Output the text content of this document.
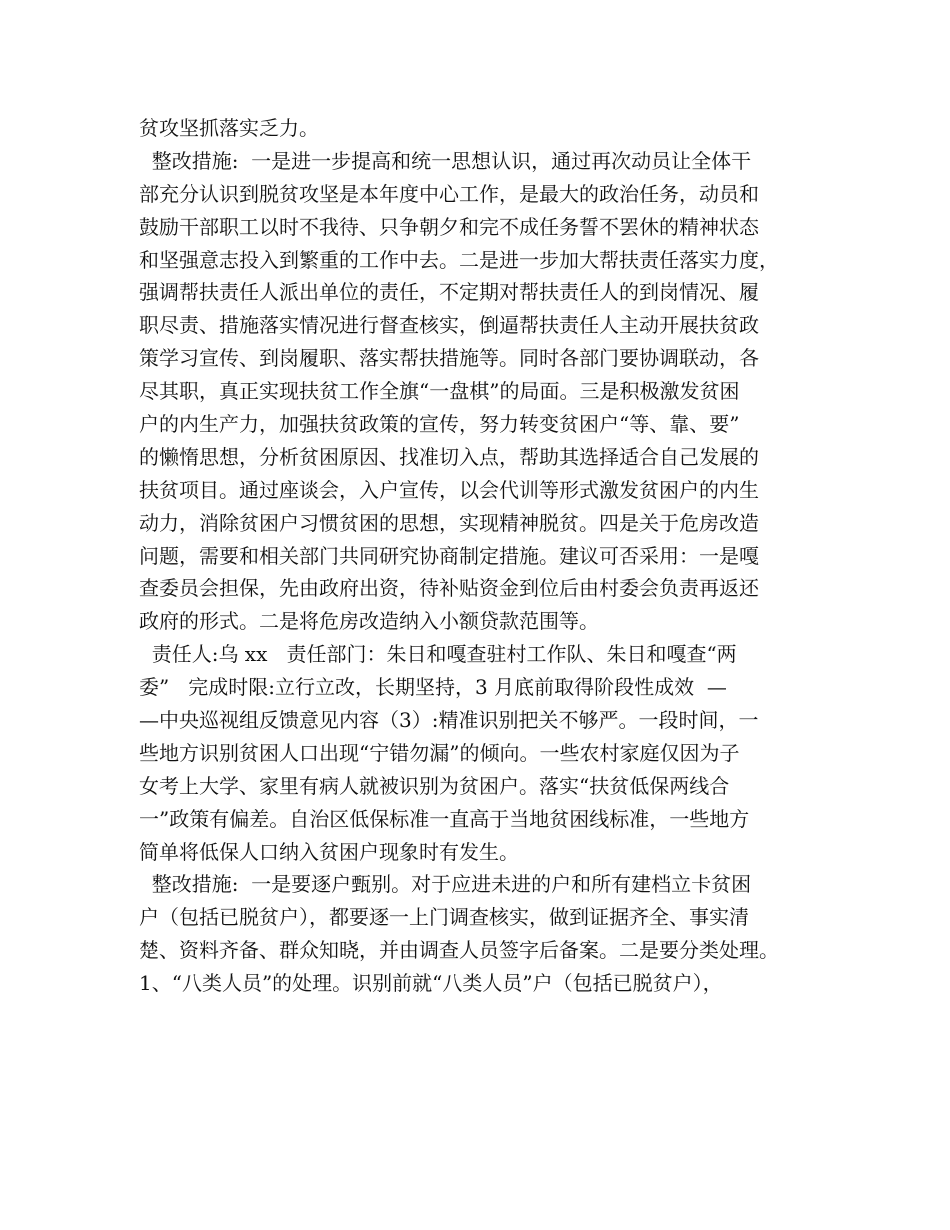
贫攻坚抓落实乏力。
整改措施:  一是进一步提高和统一思想认识，通过再次动员让全体干
部充分认识到脱贫攻坚是本年度中心工作，是最大的政治任务，动员和
鼓励干部职工以时不我待、只争朝夕和完不成任务誓不罢休的精神状态
和坚强意志投入到繁重的工作中去。二是进一步加大帮扶责任落实力度，
强调帮扶责任人派出单位的责任，不定期对帮扶责任人的到岗情况、履
职尽责、措施落实情况进行督查核实，倒逼帮扶责任人主动开展扶贫政
策学习宣传、到岗履职、落实帮扶措施等。同时各部门要协调联动，各
尽其职，真正实现扶贫工作全旗“一盘棋”的局面。三是积极激发贫困
户的内生产力，加强扶贫政策的宣传，努力转变贫困户“等、靠、要”
的懒惰思想，分析贫困原因、找准切入点，帮助其选择适合自己发展的
扶贫项目。通过座谈会，入户宣传，以会代训等形式激发贫困户的内生
动力，消除贫困户习惯贫困的思想，实现精神脱贫。四是关于危房改造
问题，需要和相关部门共同研究协商制定措施。建议可否采用：一是嘎
查委员会担保，先由政府出资，待补贴资金到位后由村委会负责再返还
政府的形式。二是将危房改造纳入小额贷款范围等。
责任人:乌 xx   责任部门：朱日和嘎查驻村工作队、朱日和嘎查“两
委”   完成时限:立行立改，长期坚持，3 月底前取得阶段性成效  —
—中央巡视组反馈意见内容（3）:精准识别把关不够严。一段时间，一
些地方识别贫困人口出现“宁错勿漏”的倾向。一些农村家庭仅因为子
女考上大学、家里有病人就被识别为贫困户。落实“扶贫低保两线合
一”政策有偏差。自治区低保标准一直高于当地贫困线标准，一些地方
简单将低保人口纳入贫困户现象时有发生。
整改措施:  一是要逐户甄别。对于应进未进的户和所有建档立卡贫困
户（包括已脱贫户），都要逐一上门调查核实，做到证据齐全、事实清
楚、资料齐备、群众知晓，并由调查人员签字后备案。二是要分类处理。
1、“八类人员”的处理。识别前就“八类人员”户（包括已脱贫户），
